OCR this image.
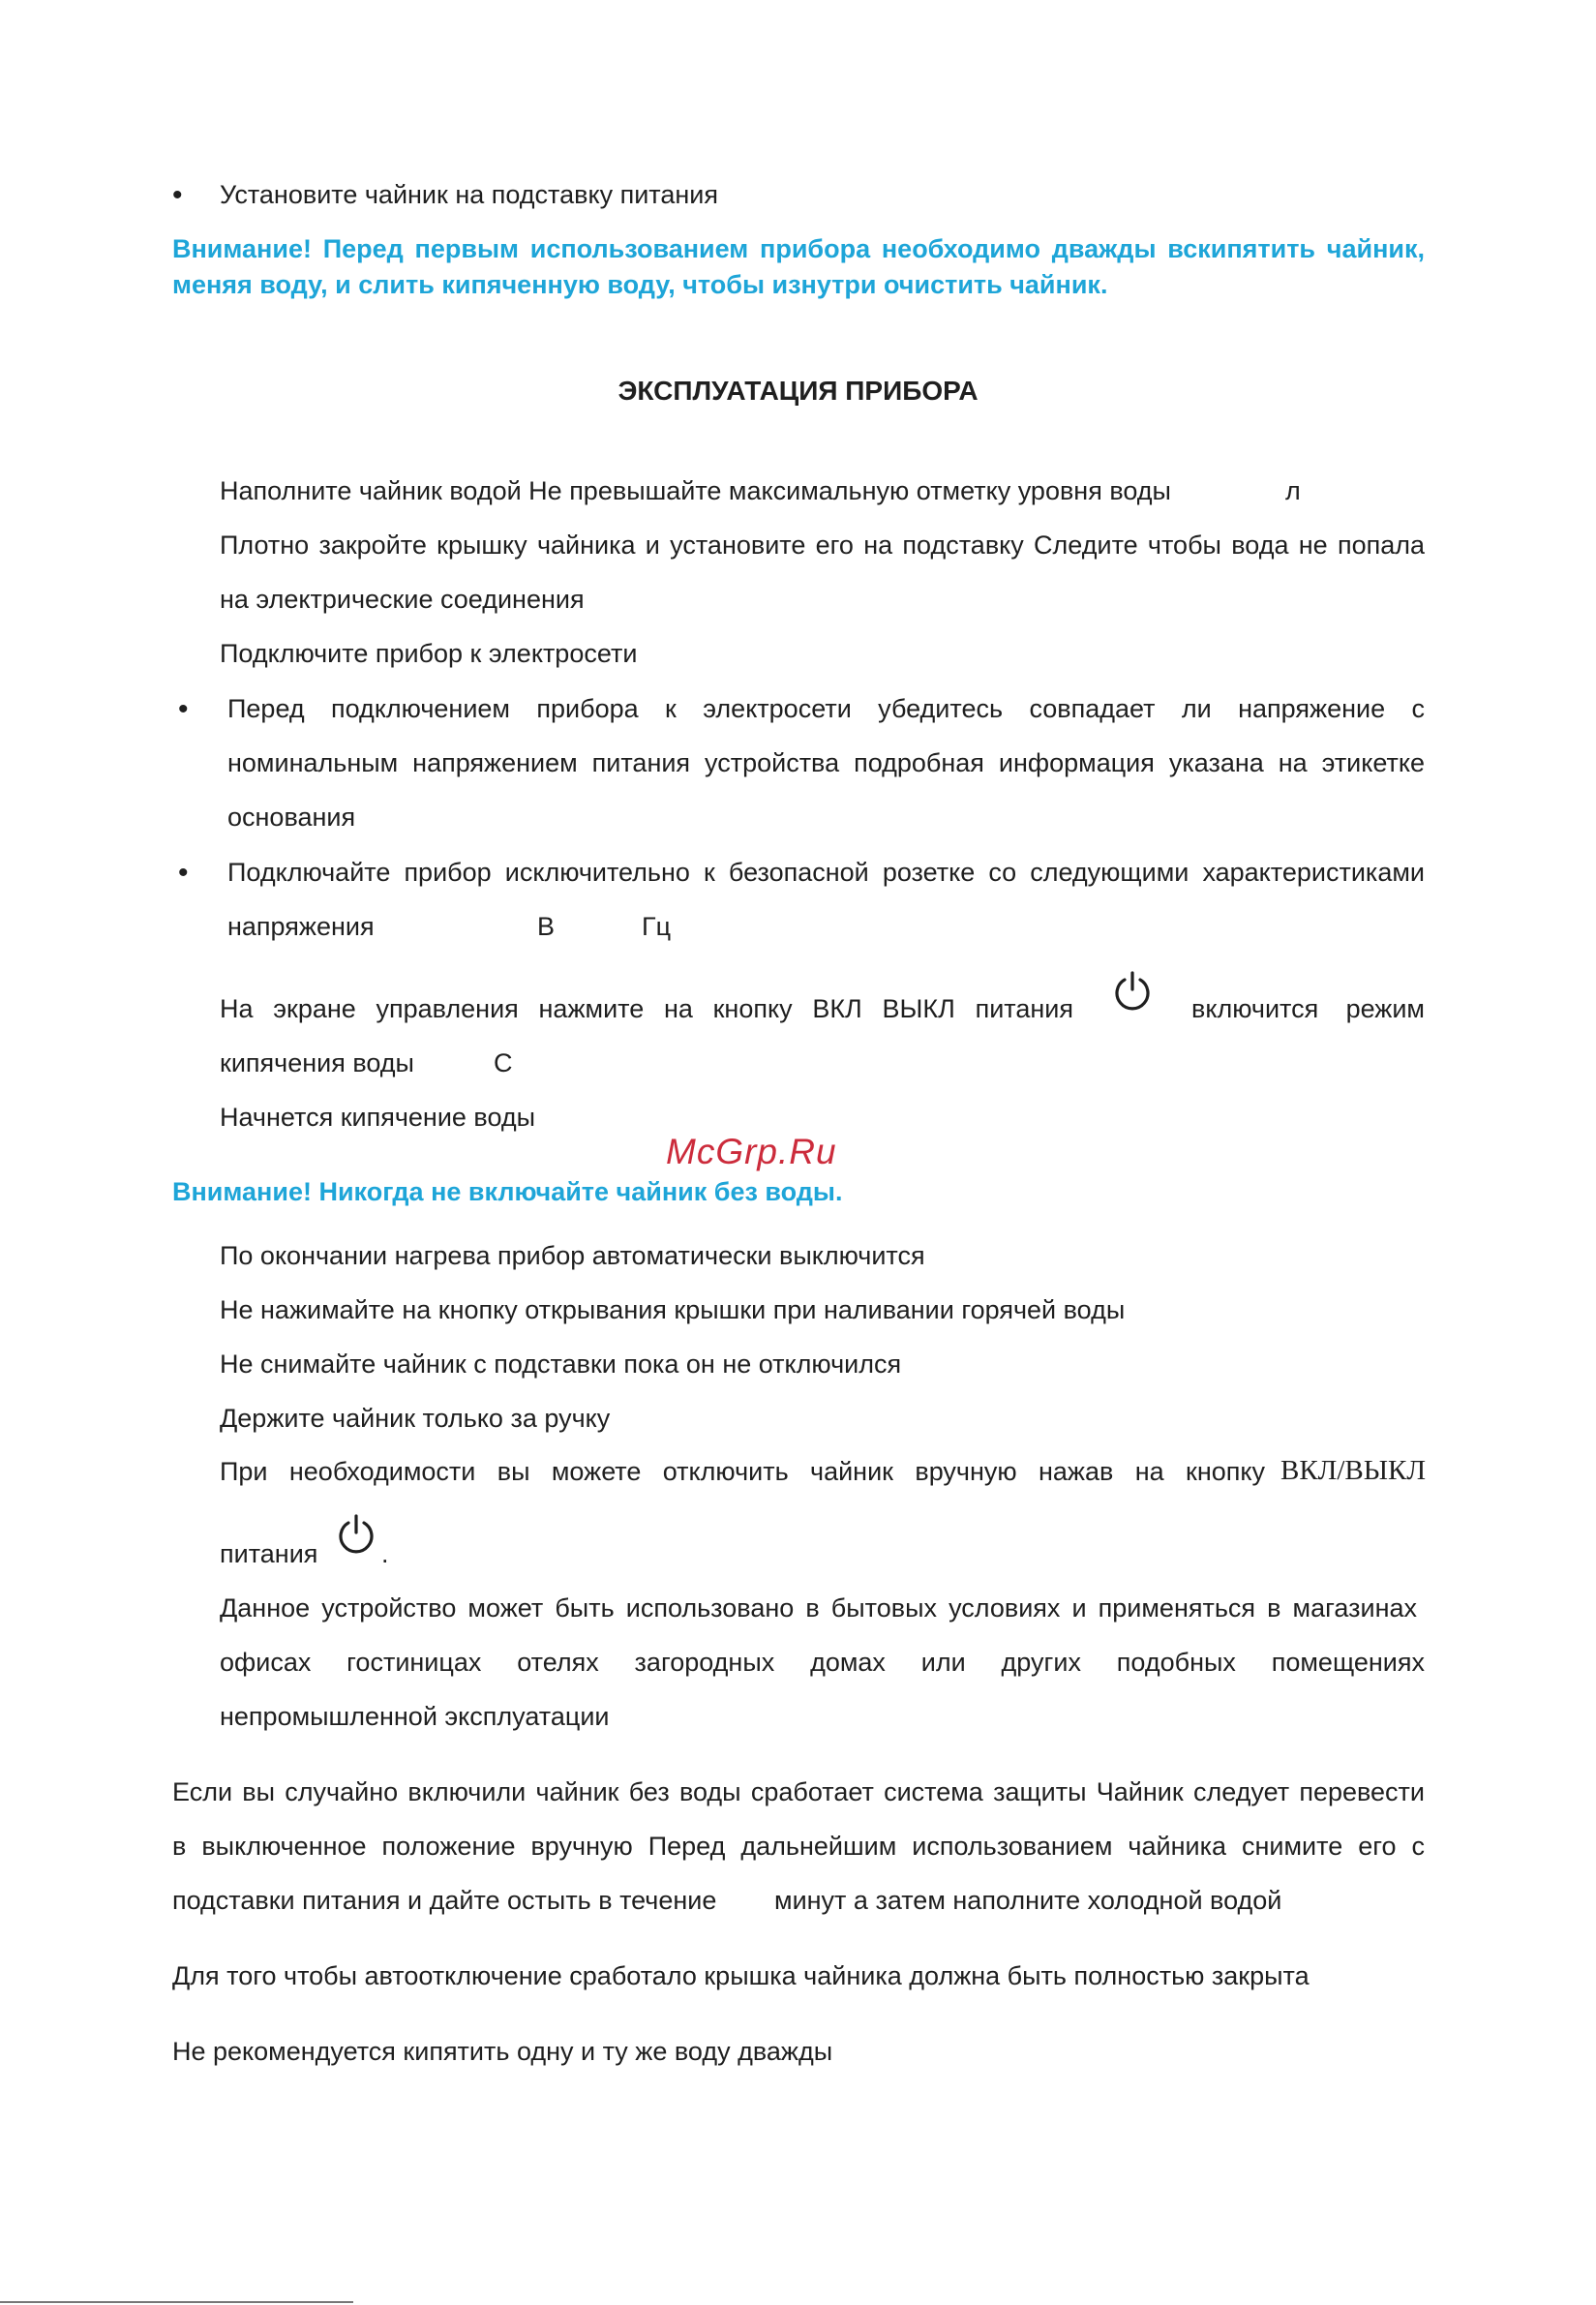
• Установите чайник на подставку питания
Внимание! Перед первым использованием прибора необходимо дважды вскипятить чайник,
меняя воду, и слить кипяченную воду, чтобы изнутри очистить чайник.
ЭКСПЛУАТАЦИЯ ПРИБОРА
Наполните чайник водой Не превышайте максимальную отметку уровня воды	л
Плотно закройте крышку чайника и установите его на подставку Следите чтобы вода не попала
на электрические соединения
Подключите прибор к электросети
• Перед подключением прибора к электросети убедитесь совпадает ли напряжение с
номинальным напряжением питания устройства подробная информация указана на этикетке
основания
• Подключайте прибор исключительно к безопасной розетке со следующими характеристиками
напряжения	В	Гц
На экране управления нажмите на кнопку ВКЛ ВЫКЛ питания	включится режим
кипячения воды	С
Начнется кипячение воды
McGrp.Ru
Внимание! Никогда не включайте чайник без воды.
По окончании нагрева прибор автоматически выключится
Не нажимайте на кнопку открывания крышки при наливании горячей воды
Не снимайте чайник с подставки пока он не отключился
Держите чайник только за ручку
При необходимости вы можете отключить чайник вручную нажав на кнопку ВКЛ/ВЫКЛ
питания .
Данное устройство может быть использовано в бытовых условиях и применяться в магазинах
офисах гостиницах отелях загородных домах или других подобных помещениях
непромышленной эксплуатации
Если вы случайно включили чайник без воды сработает система защиты Чайник следует перевести
в выключенное положение вручную Перед дальнейшим использованием чайника снимите его с
подставки питания и дайте остыть в течение минут а затем наполните холодной водой
Для того чтобы автоотключение сработало крышка чайника должна быть полностью закрыта
Не рекомендуется кипятить одну и ту же воду дважды
